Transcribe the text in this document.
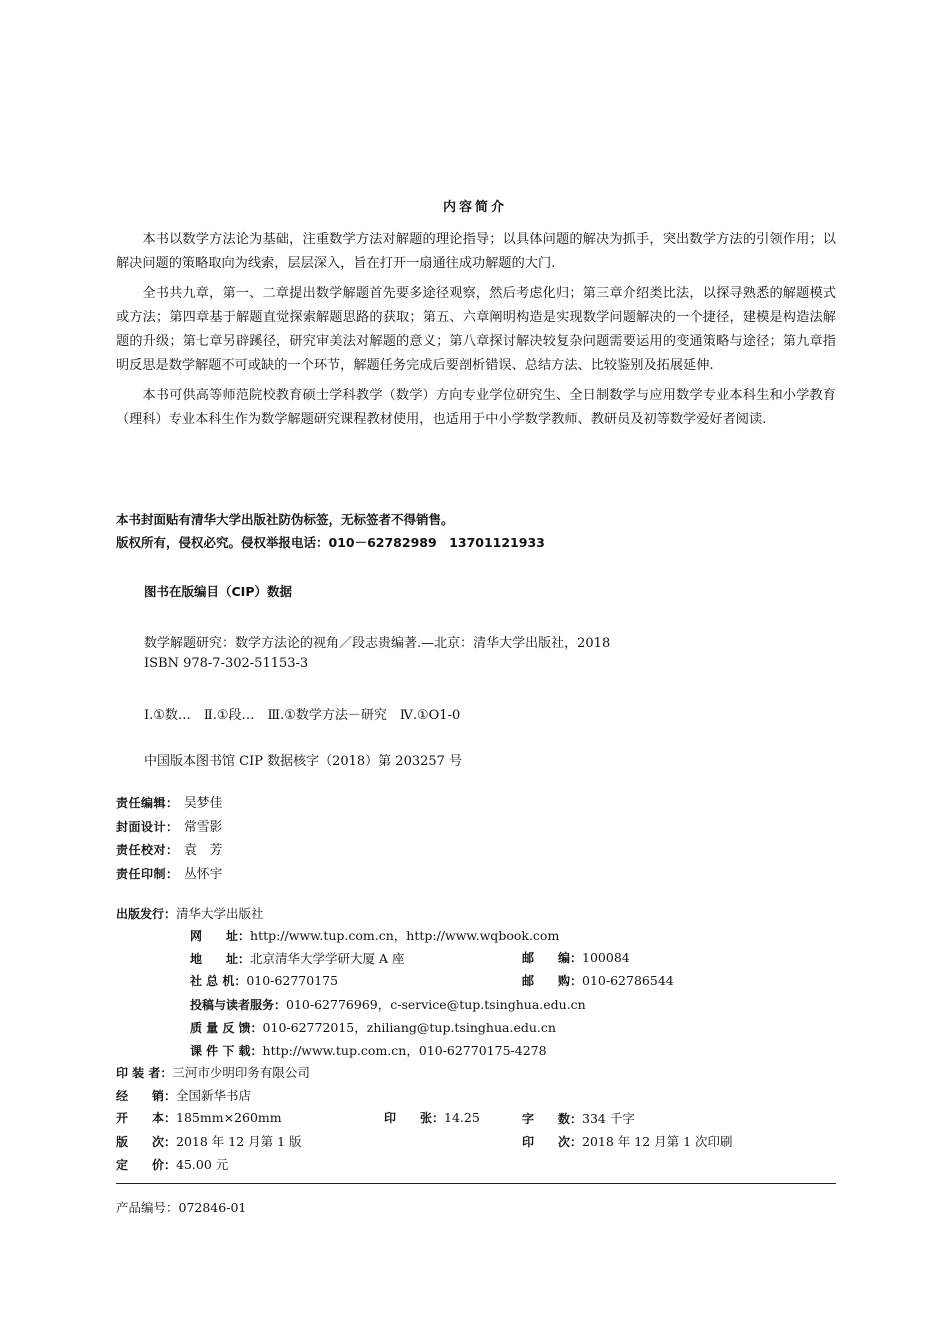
内容简介

本书以数学方法论为基础，注重数学方法对解题的理论指导；以具体问题的解决为抓手，突出数学方法的引领作用；以解决问题的策略取向为线索，层层深入，旨在打开一扇通往成功解题的大门.

全书共九章，第一、二章提出数学解题首先要多途径观察，然后考虑化归；第三章介绍类比法，以探寻熟悉的解题模式或方法；第四章基于解题直觉探索解题思路的获取；第五、六章阐明构造是实现数学问题解决的一个捷径，建模是构造法解题的升级；第七章另辟蹊径，研究审美法对解题的意义；第八章探讨解决较复杂问题需要运用的变通策略与途径；第九章指明反思是数学解题不可或缺的一个环节，解题任务完成后要剖析错误、总结方法、比较鉴别及拓展延伸.

本书可供高等师范院校教育硕士学科教学（数学）方向专业学位研究生、全日制数学与应用数学专业本科生和小学教育（理科）专业本科生作为数学解题研究课程教材使用，也适用于中小学数学教师、教研员及初等数学爱好者阅读.

本书封面贴有清华大学出版社防伪标签，无标签者不得销售。
版权所有，侵权必究。侵权举报电话：010－62782989　13701121933
图书在版编目（CIP）数据
数学解题研究：数学方法论的视角／段志贵编著.—北京：清华大学出版社，2018
ISBN 978-7-302-51153-3
Ⅰ.①数…　Ⅱ.①段…　Ⅲ.①数学方法－研究　Ⅳ.①O1-0
中国版本图书馆 CIP 数据核字（2018）第 203257 号
责任编辑： 吴梦佳
封面设计： 常雪影
责任校对： 袁　芳
责任印制： 丛怀宇
出版发行：清华大学出版社
网　　址：http://www.tup.com.cn，http://www.wqbook.com
地　　址：北京清华大学学研大厦 A 座	邮　　编：100084
社 总 机：010-62770175	邮　　购：010-62786544
投稿与读者服务：010-62776969，c-service@tup.tsinghua.edu.cn
质 量 反 馈：010-62772015，zhiliang@tup.tsinghua.edu.cn
课 件 下 载：http://www.tup.com.cn，010-62770175-4278
印 装 者：三河市少明印务有限公司
经　　销：全国新华书店
开　　本：185mm×260mm	印　　张：14.25	字　　数：334 千字
版　　次：2018 年 12 月第 1 版	印　　次：2018 年 12 月第 1 次印刷
定　　价：45.00 元
产品编号：072846-01
